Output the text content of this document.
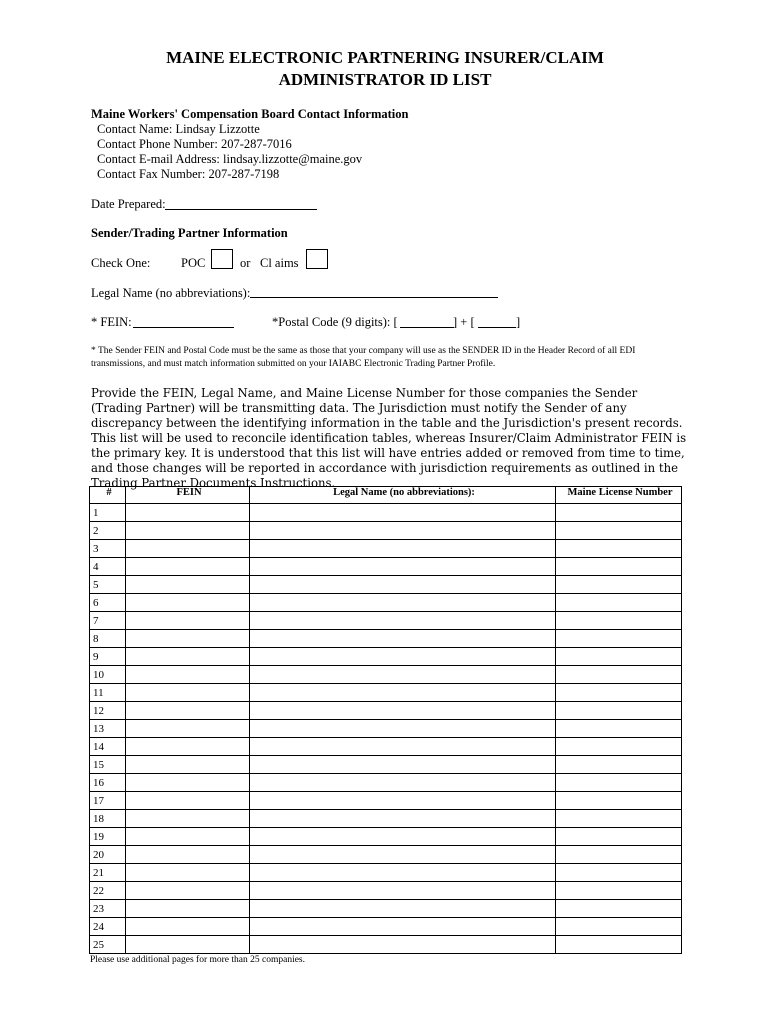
MAINE ELECTRONIC PARTNERING INSURER/CLAIM
ADMINISTRATOR ID LIST
Maine Workers' Compensation Board Contact Information
Contact Name: Lindsay Lizzotte
Contact Phone Number: 207-287-7016
Contact E-mail Address: lindsay.lizzotte@maine.gov
Contact Fax Number: 207-287-7198
Date Prepared:
Sender/Trading Partner Information
Check One: POC	or Cl aims
Legal Name (no abbreviations):
* FEIN:	*Postal Code (9 digits): [	] + [	]
* The Sender FEIN and Postal Code must be the same as those that your company will use as the SENDER ID in the Header Record of all EDI transmissions, and must match information submitted on your IAIABC Electronic Trading Partner Profile.
Provide the FEIN, Legal Name, and Maine License Number for those companies the Sender (Trading Partner) will be transmitting data. The Jurisdiction must notify the Sender of any discrepancy between the identifying information in the table and the Jurisdiction's present records. This list will be used to reconcile identification tables, whereas Insurer/Claim Administrator FEIN is the primary key. It is understood that this list will have entries added or removed from time to time, and those changes will be reported in accordance with jurisdiction requirements as outlined in the Trading Partner Documents Instructions.
#	FEIN	Legal Name (no abbreviations):	Maine License Number
1			
2			
3			
4			
5			
6			
7			
8			
9			
10			
11			
12			
13			
14			
15			
16			
17			
18			
19			
20			
21			
22			
23			
24			
25			
Please use additional pages for more than 25 companies.
